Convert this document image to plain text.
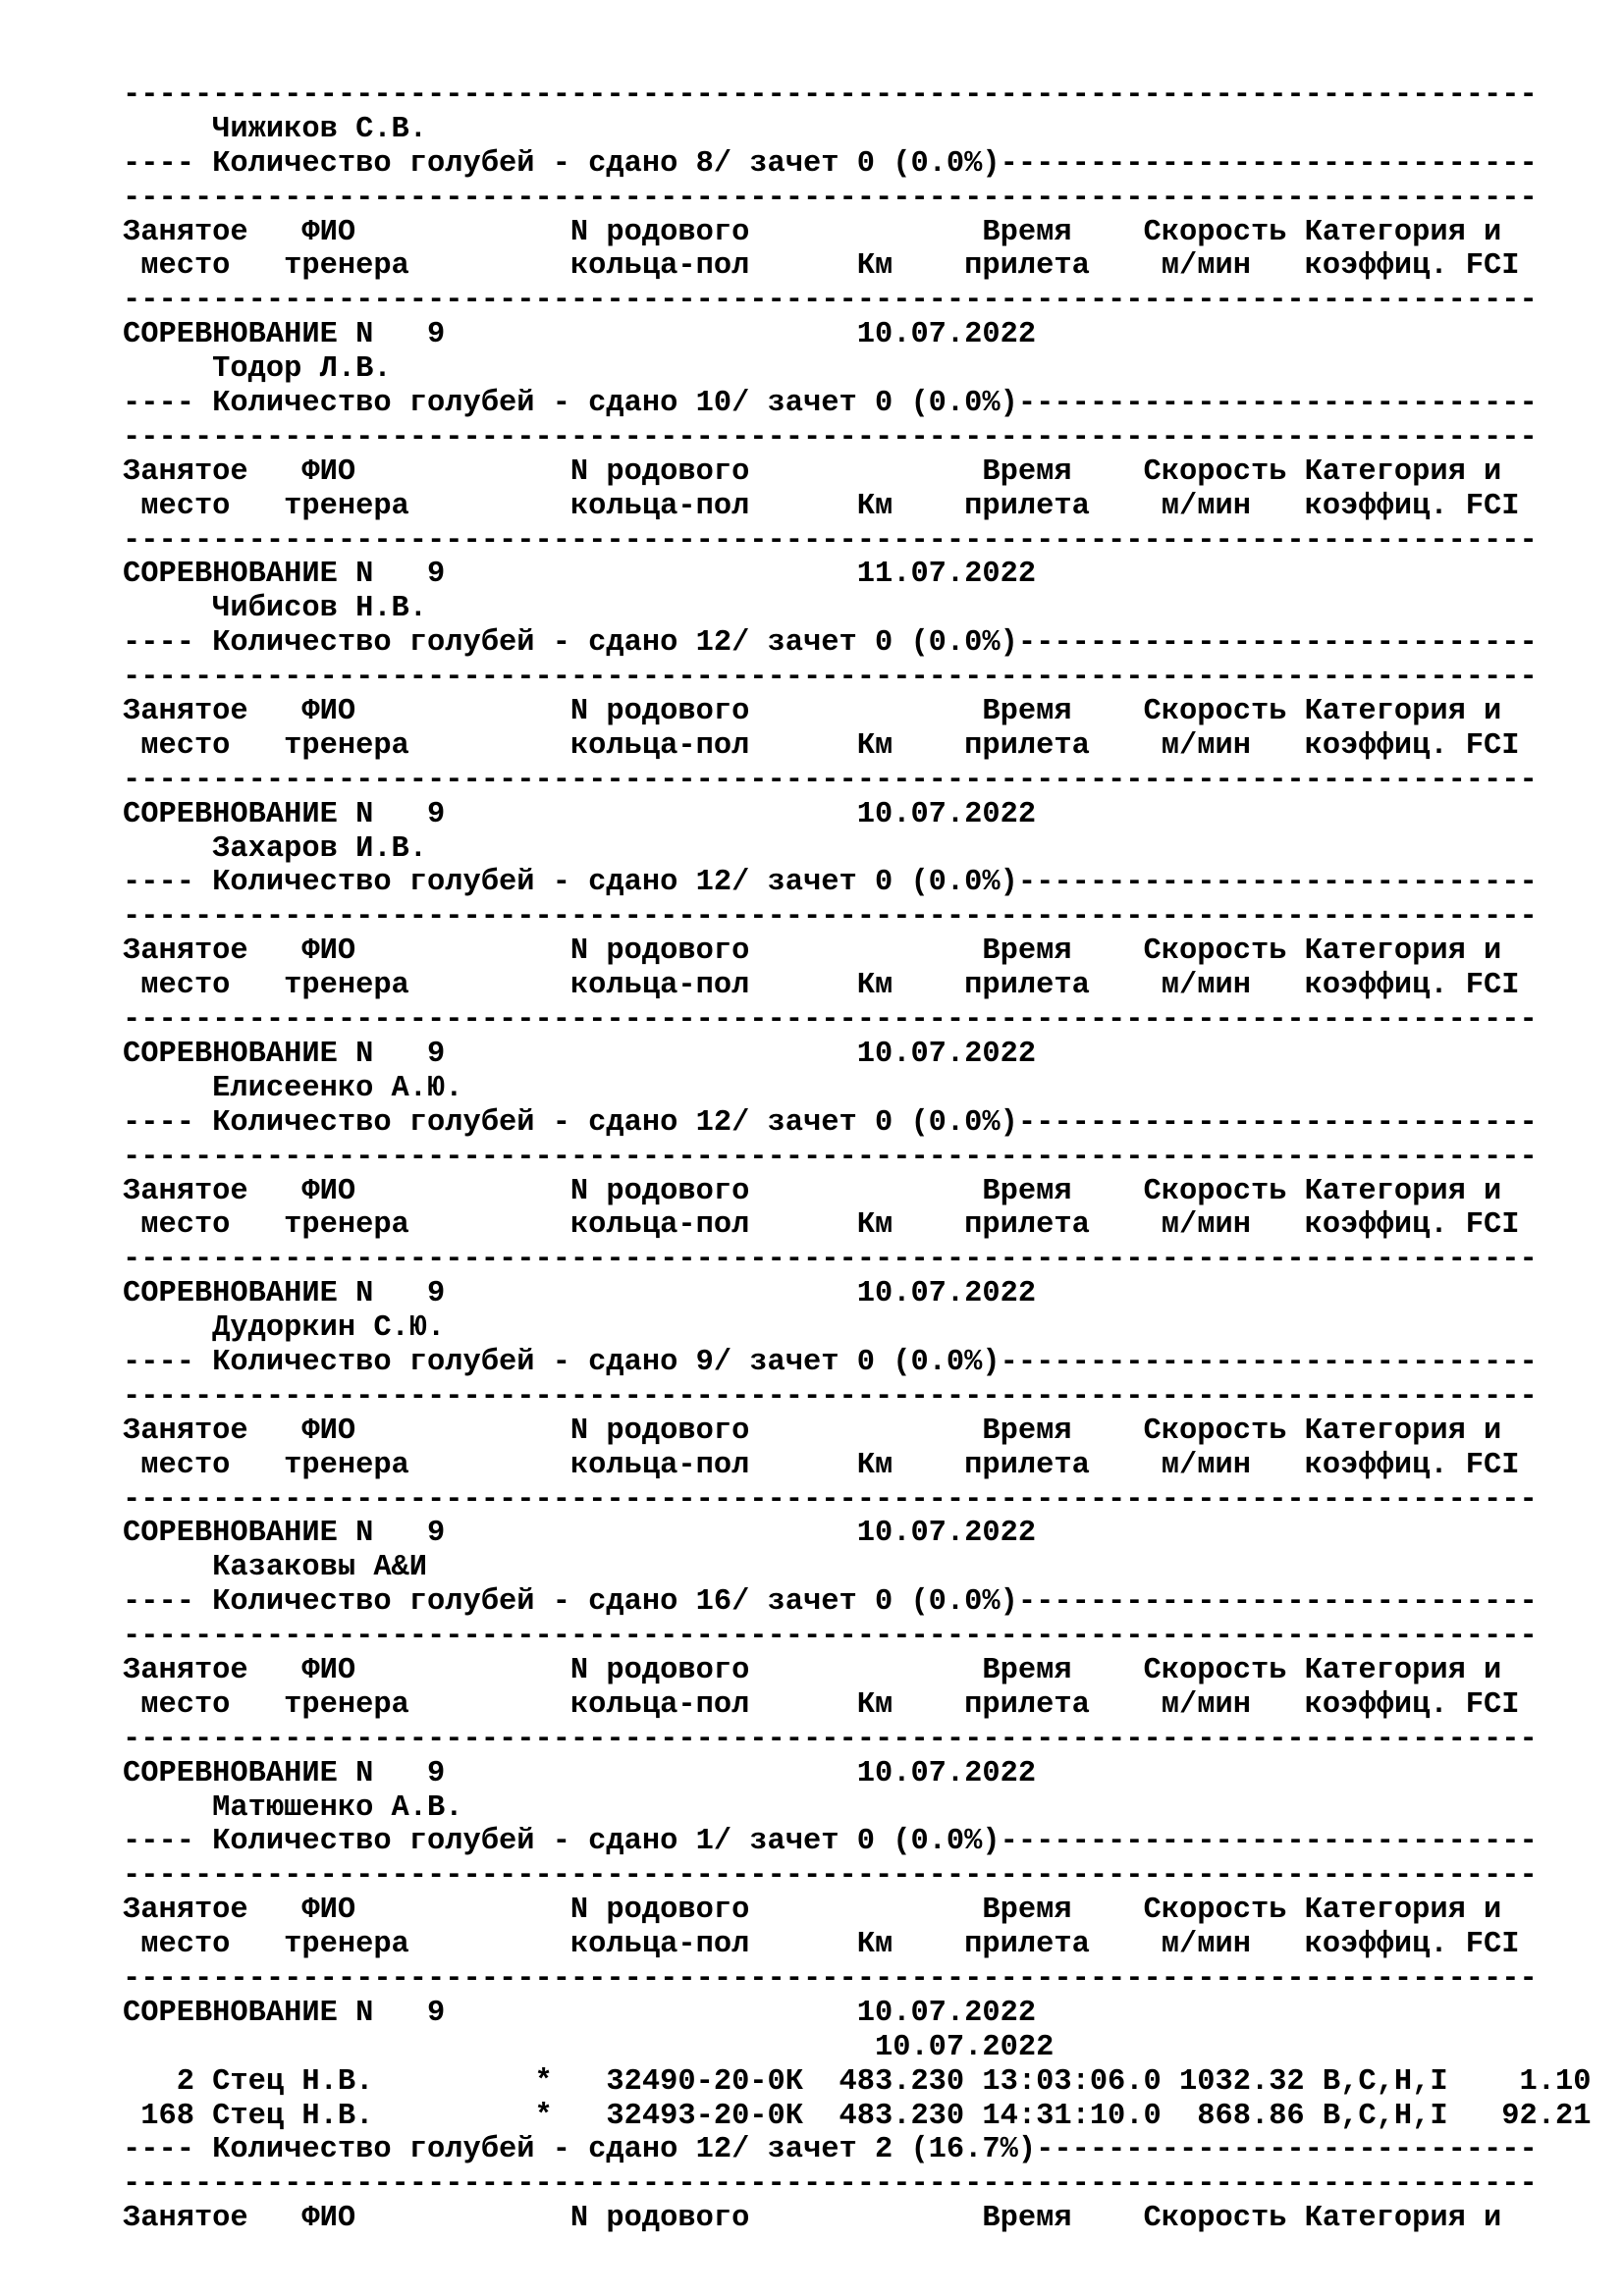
-------------------------------------------------------------------------------
Чижиков С.В.
---- Количество голубей - сдано 8/ зачет 0 (0.0%)------------------------------
-------------------------------------------------------------------------------
Занятое   ФИО            N родового             Время    Скорость Категория и
место   тренера         кольца-пол      Км    прилета    м/мин   коэффиц. FCI
-------------------------------------------------------------------------------
СОРЕВНОВАНИЕ N   9                       10.07.2022
Тодор Л.В.
---- Количество голубей - сдано 10/ зачет 0 (0.0%)-----------------------------
-------------------------------------------------------------------------------
Занятое   ФИО            N родового             Время    Скорость Категория и
место   тренера         кольца-пол      Км    прилета    м/мин   коэффиц. FCI
-------------------------------------------------------------------------------
СОРЕВНОВАНИЕ N   9                       11.07.2022
Чибисов Н.В.
---- Количество голубей - сдано 12/ зачет 0 (0.0%)-----------------------------
-------------------------------------------------------------------------------
Занятое   ФИО            N родового             Время    Скорость Категория и
место   тренера         кольца-пол      Км    прилета    м/мин   коэффиц. FCI
-------------------------------------------------------------------------------
СОРЕВНОВАНИЕ N   9                       10.07.2022
Захаров И.В.
---- Количество голубей - сдано 12/ зачет 0 (0.0%)-----------------------------
-------------------------------------------------------------------------------
Занятое   ФИО            N родового             Время    Скорость Категория и
место   тренера         кольца-пол      Км    прилета    м/мин   коэффиц. FCI
-------------------------------------------------------------------------------
СОРЕВНОВАНИЕ N   9                       10.07.2022
Елисеенко А.Ю.
---- Количество голубей - сдано 12/ зачет 0 (0.0%)-----------------------------
-------------------------------------------------------------------------------
Занятое   ФИО            N родового             Время    Скорость Категория и
место   тренера         кольца-пол      Км    прилета    м/мин   коэффиц. FCI
-------------------------------------------------------------------------------
СОРЕВНОВАНИЕ N   9                       10.07.2022
Дудоркин С.Ю.
---- Количество голубей - сдано 9/ зачет 0 (0.0%)------------------------------
-------------------------------------------------------------------------------
Занятое   ФИО            N родового             Время    Скорость Категория и
место   тренера         кольца-пол      Км    прилета    м/мин   коэффиц. FCI
-------------------------------------------------------------------------------
СОРЕВНОВАНИЕ N   9                       10.07.2022
Казаковы А&И
---- Количество голубей - сдано 16/ зачет 0 (0.0%)-----------------------------
-------------------------------------------------------------------------------
Занятое   ФИО            N родового             Время    Скорость Категория и
место   тренера         кольца-пол      Км    прилета    м/мин   коэффиц. FCI
-------------------------------------------------------------------------------
СОРЕВНОВАНИЕ N   9                       10.07.2022
Матюшенко А.В.
---- Количество голубей - сдано 1/ зачет 0 (0.0%)------------------------------
-------------------------------------------------------------------------------
Занятое   ФИО            N родового             Время    Скорость Категория и
место   тренера         кольца-пол      Км    прилета    м/мин   коэффиц. FCI
-------------------------------------------------------------------------------
СОРЕВНОВАНИЕ N   9                       10.07.2022
10.07.2022
2 Стец Н.В.         *   32490-20-0К  483.230 13:03:06.0 1032.32 B,C,H,I    1.10
168 Стец Н.В.         *   32493-20-0К  483.230 14:31:10.0  868.86 B,C,H,I   92.21
---- Количество голубей - сдано 12/ зачет 2 (16.7%)----------------------------
-------------------------------------------------------------------------------
Занятое   ФИО            N родового             Время    Скорость Категория и
